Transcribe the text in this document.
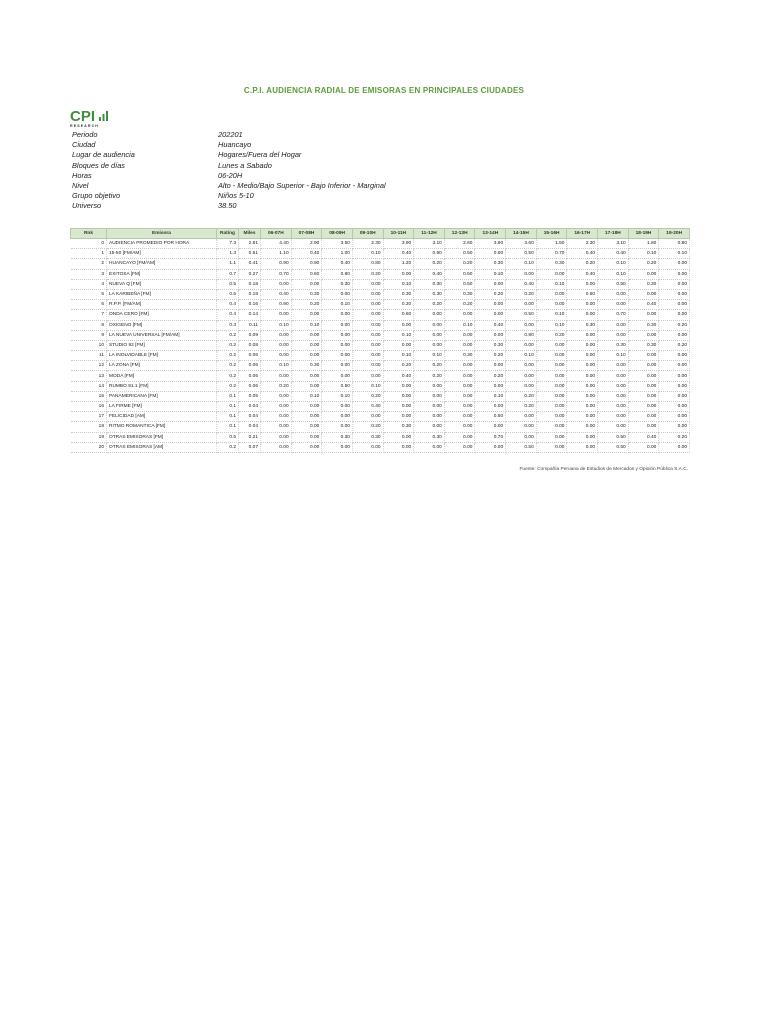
C.P.I. AUDIENCIA RADIAL DE EMISORAS EN PRINCIPALES CIUDADES
CPI
RESEARCH
Periodo	202201
Ciudad	Huancayo
Lugar de audiencia	Hogares/Fuera del Hogar
Bloques de días	Lunes a Sabado
Horas	06-20H
Nivel	Alto - Medio/Bajo Superior - Bajo Inferior - Marginal
Grupo objetivo	Niños 5-10
Universo	38.50
Rnk	Emisora	Rating	Miles	06-07H	07-08H	08-09H	09-10H	10-11H	11-12H	12-13H	13-14H	14-15H	15-16H	16-17H	17-18H	18-19H	19-20H
0	AUDIENCIA PROMEDIO POR HORA	7.3	2.81	4.40	2.90	3.50	2.30	3.90	3.10	2.60	3.60	3.60	1.50	2.30	3.10	1.80	0.80
1	15-50 [FM/AM]	1.3	0.51	1.10	0.40	1.00	0.10	0.40	0.90	0.50	0.60	0.50	0.70	0.40	0.40	0.10	0.10
2	HUANCAYO [FM/AM]	1.1	0.41	0.90	0.90	0.40	0.80	1.20	0.20	0.20	0.30	0.10	0.30	0.20	0.10	0.20	0.00
3	EXITOSA [FM]	0.7	0.27	0.70	0.60	0.80	0.20	0.00	0.40	0.50	0.10	0.00	0.00	0.40	0.10	0.00	0.00
4	NUEVA Q [FM]	0.5	0.18	0.00	0.00	0.30	0.00	0.10	0.30	0.50	0.00	0.40	0.10	0.00	0.50	0.30	0.00
5	LA KARIBEÑA [FM]	0.5	0.18	0.40	0.30	0.00	0.00	0.30	0.30	0.30	0.20	0.20	0.00	0.50	0.00	0.00	0.00
6	R.P.P. [FM/AM]	0.4	0.16	0.90	0.20	0.10	0.00	0.20	0.20	0.20	0.00	0.00	0.00	0.00	0.00	0.40	0.00
7	ONDA CERO [FM]	0.4	0.14	0.00	0.00	0.00	0.00	0.60	0.00	0.00	0.00	0.50	0.10	0.00	0.70	0.00	0.00
8	OXIGENO [FM]	0.3	0.11	0.10	0.10	0.00	0.00	0.00	0.00	0.10	0.40	0.00	0.10	0.30	0.00	0.30	0.20
9	LA NUEVA UNIVERSAL [FM/AM]	0.2	0.09	0.00	0.00	0.00	0.00	0.10	0.00	0.00	0.00	0.90	0.20	0.00	0.00	0.00	0.00
10	STUDIO 92 [FM]	0.2	0.08	0.00	0.00	0.00	0.00	0.00	0.00	0.00	0.30	0.00	0.00	0.00	0.30	0.30	0.20
11	LA INOLVIDABLE [FM]	0.2	0.06	0.00	0.00	0.00	0.00	0.10	0.10	0.30	0.20	0.10	0.00	0.00	0.10	0.00	0.00
12	LA ZONA [FM]	0.2	0.06	0.10	0.30	0.00	0.00	0.20	0.20	0.00	0.00	0.00	0.00	0.00	0.00	0.00	0.00
13	MODA [FM]	0.2	0.06	0.00	0.00	0.00	0.00	0.40	0.20	0.00	0.20	0.00	0.00	0.00	0.00	0.00	0.00
14	RUMBO 91.1 [FM]	0.2	0.06	0.20	0.00	0.50	0.10	0.00	0.00	0.00	0.00	0.00	0.00	0.00	0.00	0.00	0.00
15	PANAMERICANA [FM]	0.1	0.05	0.00	0.10	0.10	0.20	0.00	0.00	0.00	0.10	0.20	0.00	0.00	0.00	0.00	0.00
16	LA FIRME [FM]	0.1	0.04	0.00	0.00	0.00	0.40	0.00	0.00	0.00	0.00	0.20	0.00	0.00	0.00	0.00	0.00
17	FELICIDAD [AM]	0.1	0.04	0.00	0.00	0.00	0.00	0.00	0.00	0.00	0.50	0.00	0.00	0.00	0.00	0.00	0.00
18	RITMO ROMANTICA [FM]	0.1	0.04	0.00	0.00	0.00	0.20	0.30	0.00	0.00	0.00	0.00	0.00	0.00	0.00	0.00	0.00
19	OTRAS EMISORAS [FM]	0.5	0.21	0.00	0.00	0.30	0.30	0.00	0.30	0.00	0.70	0.00	0.00	0.00	0.50	0.40	0.20
20	OTRAS EMISORAS [AM]	0.2	0.07	0.00	0.00	0.00	0.00	0.00	0.00	0.00	0.00	0.50	0.00	0.00	0.50	0.00	0.00
Fuente: Compañía Peruana de Estudios de Mercados y Opinión Pública S.A.C.
